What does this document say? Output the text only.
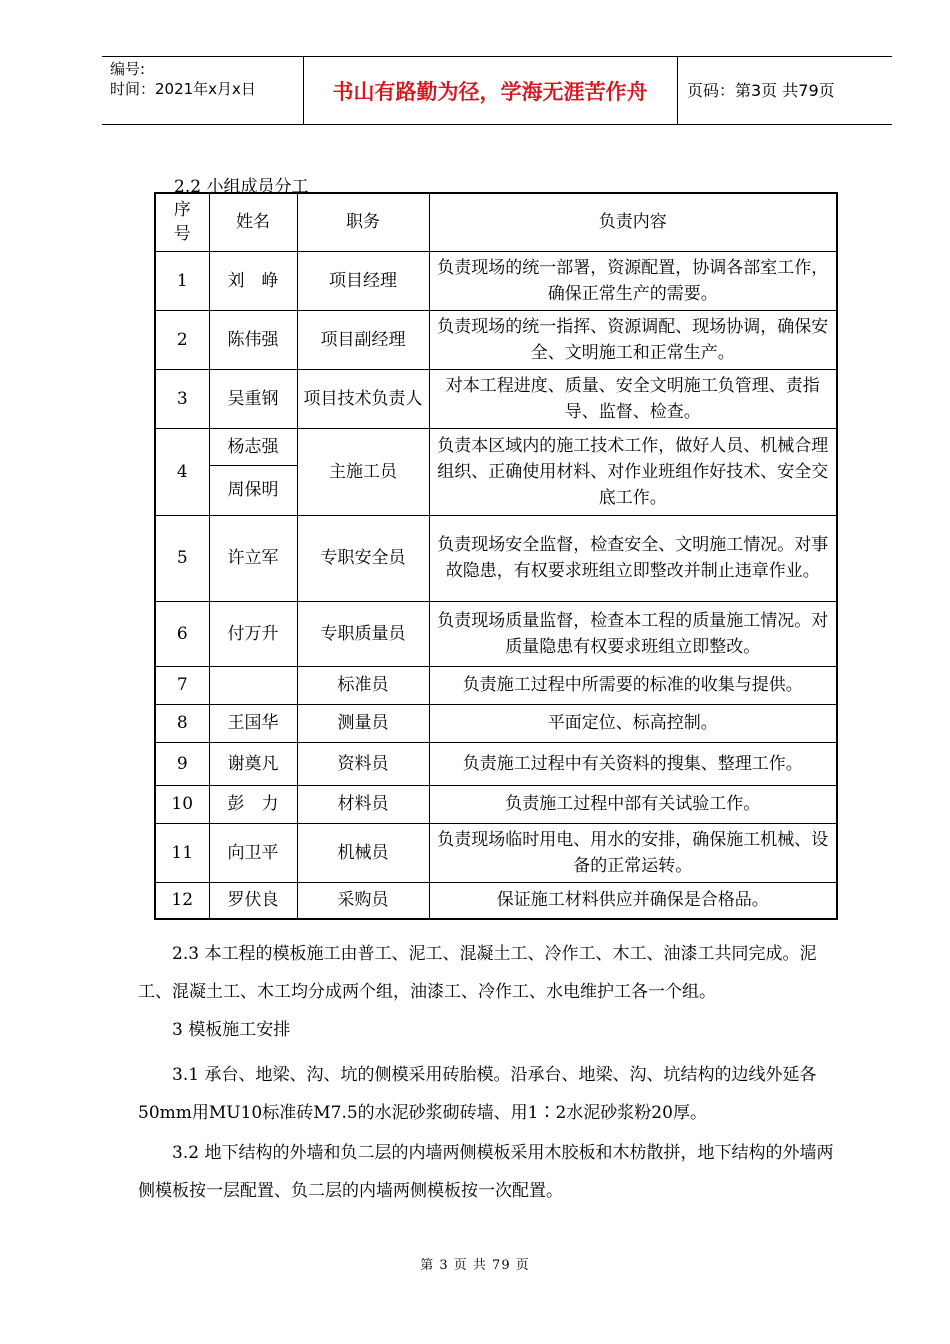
编号:
时间：2021年x月x日	书山有路勤为径，学海无涯苦作舟	页码：第3页 共79页
2.2 小组成员分工
序号	姓名	职务	负责内容
1	刘　峥	项目经理	负责现场的统一部署，资源配置，协调各部室工作，确保正常生产的需要。
2	陈伟强	项目副经理	负责现场的统一指挥、资源调配、现场协调，确保安全、文明施工和正常生产。
3	吴重钢	项目技术负责人	对本工程进度、质量、安全文明施工负管理、责指导、监督、检查。
4	杨志强	主施工员	负责本区域内的施工技术工作，做好人员、机械合理组织、正确使用材料、对作业班组作好技术、安全交底工作。
	周保明		
5	许立军	专职安全员	负责现场安全监督，检查安全、文明施工情况。对事故隐患，有权要求班组立即整改并制止违章作业。
6	付万升	专职质量员	负责现场质量监督，检查本工程的质量施工情况。对质量隐患有权要求班组立即整改。
7		标准员	负责施工过程中所需要的标准的收集与提供。
8	王国华	测量员	平面定位、标高控制。
9	谢奠凡	资料员	负责施工过程中有关资料的搜集、整理工作。
10	彭　力	材料员	负责施工过程中部有关试验工作。
11	向卫平	机械员	负责现场临时用电、用水的安排，确保施工机械、设备的正常运转。
12	罗伏良	采购员	保证施工材料供应并确保是合格品。

2.3 本工程的模板施工由普工、泥工、混凝土工、冷作工、木工、油漆工共同完成。泥工、混凝土工、木工均分成两个组，油漆工、冷作工、水电维护工各一个组。

3 模板施工安排

3.1 承台、地梁、沟、坑的侧模采用砖胎模。沿承台、地梁、沟、坑结构的边线外延各50mm用MU10标准砖M7.5的水泥砂浆砌砖墙、用1∶2水泥砂浆粉20厚。

3.2 地下结构的外墙和负二层的内墙两侧模板采用木胶板和木枋散拼，地下结构的外墙两侧模板按一层配置、负二层的内墙两侧模板按一次配置。

第 3 页 共 79 页
